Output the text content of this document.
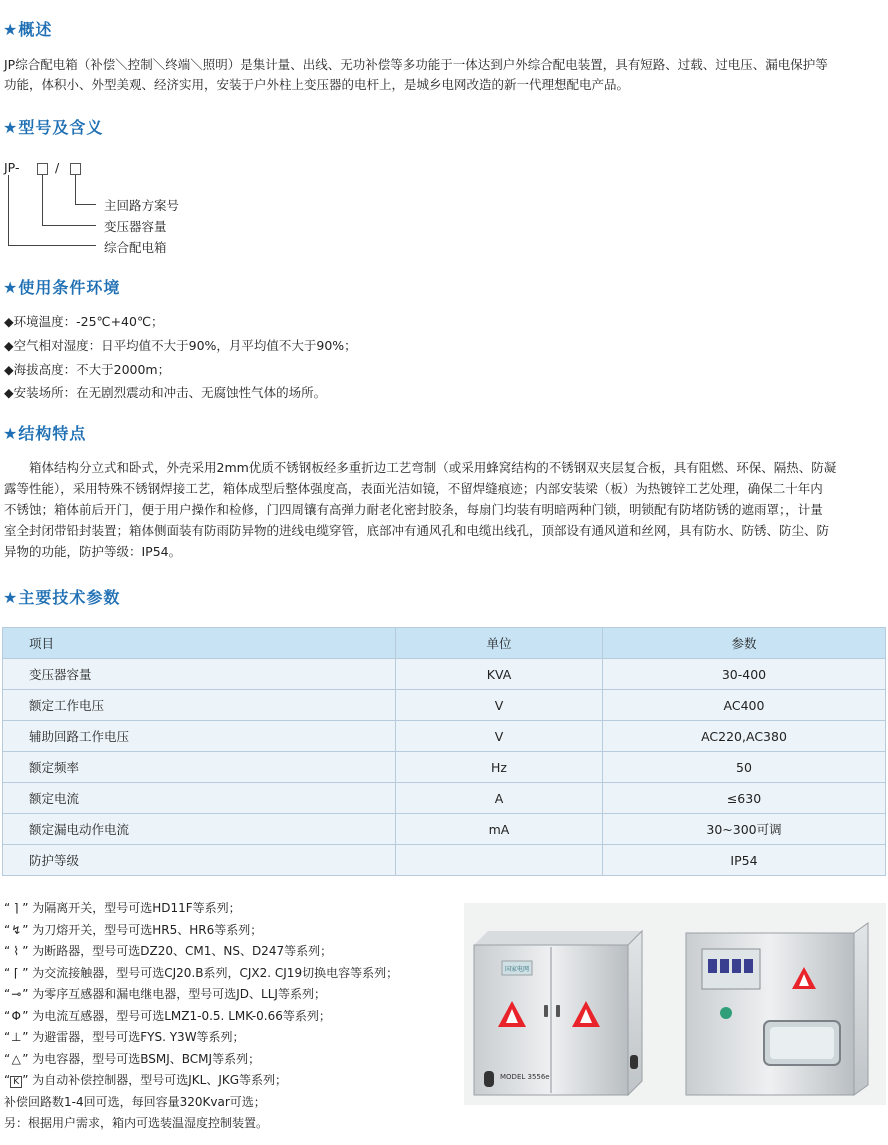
★概述
JP综合配电箱（补偿＼控制＼终端＼照明）是集计量、出线、无功补偿等多功能于一体达到户外综合配电装置，具有短路、过载、过电压、漏电保护等
功能，体积小、外型美观、经济实用，安装于户外柱上变压器的电杆上，是城乡电网改造的新一代理想配电产品。
★型号及含义
JP-	/
主回路方案号
变压器容量
综合配电箱
★使用条件环境
◆环境温度：-25℃+40℃；
◆空气相对湿度：日平均值不大于90%，月平均值不大于90%；
◆海拔高度：不大于2000m；
◆安装场所：在无剧烈震动和冲击、无腐蚀性气体的场所。
★结构特点
　　箱体结构分立式和卧式，外壳采用2mm优质不锈钢板经多重折边工艺弯制（或采用蜂窝结构的不锈钢双夹层复合板，具有阻燃、环保、隔热、防凝
露等性能），采用特殊不锈钢焊接工艺，箱体成型后整体强度高，表面光洁如镜，不留焊缝痕迹；内部安装梁（板）为热镀锌工艺处理，确保二十年内
不锈蚀；箱体前后开门，便于用户操作和检修，门四周镶有高弹力耐老化密封胶条，每扇门均装有明暗两种门锁，明锁配有防堵防锈的遮雨罩；，计量
室全封闭带铅封装置；箱体侧面装有防雨防异物的进线电缆穿管，底部冲有通风孔和电缆出线孔，顶部设有通风道和丝网，具有防水、防锈、防尘、防
异物的功能，防护等级：IP54。
★主要技术参数
项目	单位	参数
变压器容量	KVA	30-400
额定工作电压	V	AC400
辅助回路工作电压	V	AC220,AC380
额定频率	Hz	50
额定电流	A	≤630
额定漏电动作电流	mA	30~300可调
防护等级		IP54
“ ⌉ ” 为隔离开关，型号可选HD11F等系列；
“↯” 为刀熔开关，型号可选HR5、HR6等系列；
“ ⌇ ” 为断路器，型号可选DZ20、CM1、NS、D247等系列；
“ ⌈ ” 为交流接触器，型号可选CJ20.B系列，CJX2. CJ19切换电容等系列；
“⊸” 为零序互感器和漏电继电器，型号可选JD、LLJ等系列；
“Φ” 为电流互感器，型号可选LMZ1-0.5. LMK-0.66等系列；
“⊥” 为避雷器，型号可选FYS. Y3W等系列；
“△” 为电容器，型号可选BSMJ、BCMJ等系列；
“ K ” 为自动补偿控制器，型号可选JKL、JKG等系列；
补偿回路数1-4回可选，每回容量320Kvar可选；
另：根据用户需求，箱内可选装温湿度控制装置。
国家电网
MODEL 3556e
